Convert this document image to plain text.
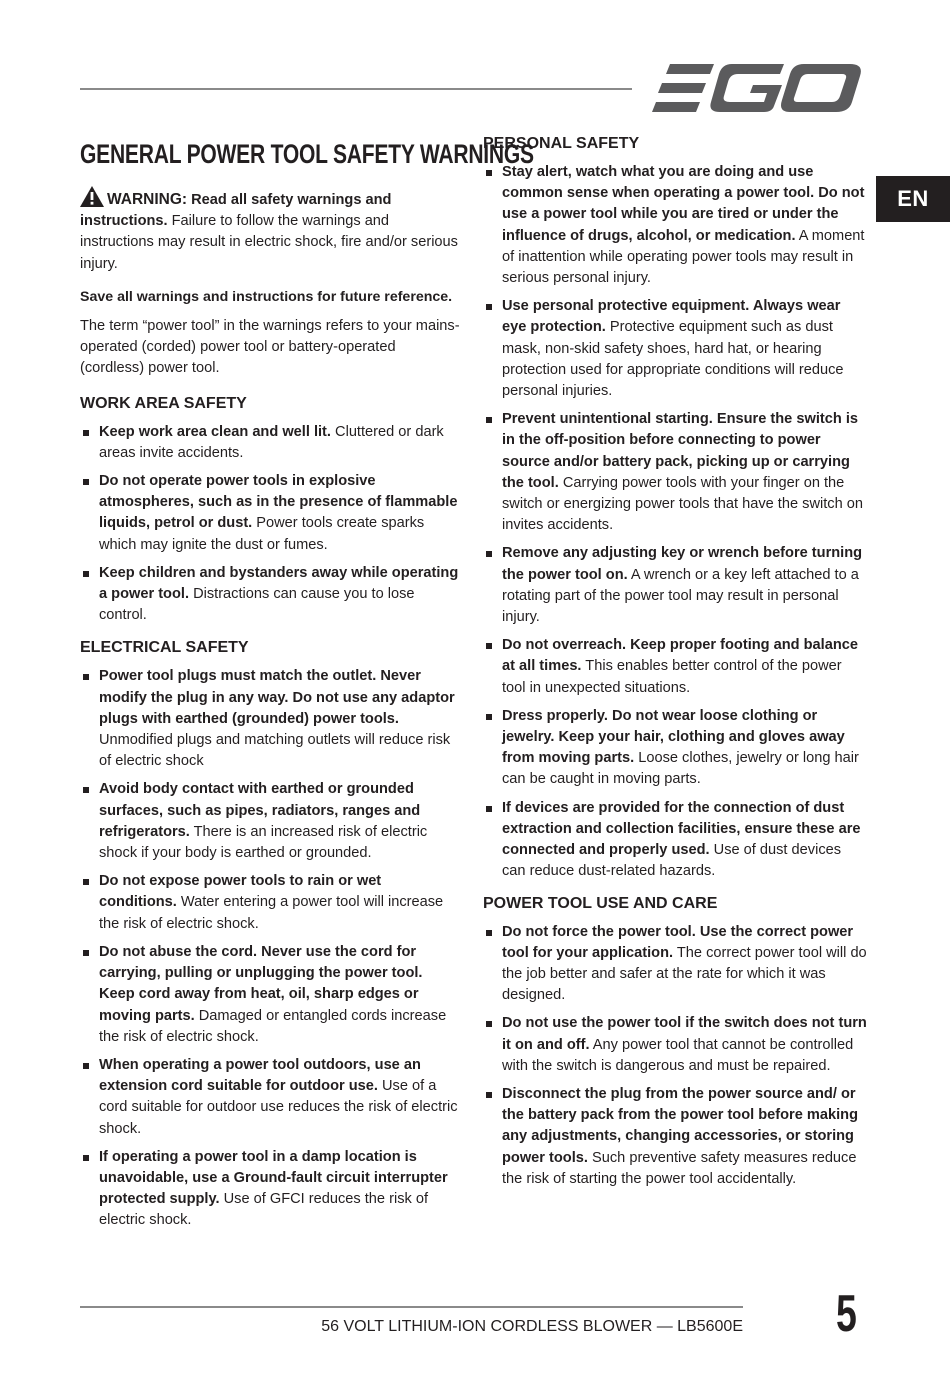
EN
GENERAL POWER TOOL SAFETY WARNINGS

WARNING: Read all safety warnings and instructions. Failure to follow the warnings and instructions may result in electric shock, fire and/or serious injury.

Save all warnings and instructions for future reference.

The term “power tool” in the warnings refers to your mains-operated (corded) power tool or battery-operated (cordless) power tool.

WORK AREA SAFETY
Keep work area clean and well lit. Cluttered or dark areas invite accidents.
Do not operate power tools in explosive atmospheres, such as in the presence of flammable liquids, petrol or dust. Power tools create sparks which may ignite the dust or fumes.
Keep children and bystanders away while operating a power tool. Distractions can cause you to lose control.
ELECTRICAL SAFETY
Power tool plugs must match the outlet. Never modify the plug in any way. Do not use any adaptor plugs with earthed (grounded) power tools. Unmodified plugs and matching outlets will reduce risk of electric shock
Avoid body contact with earthed or grounded surfaces, such as pipes, radiators, ranges and refrigerators. There is an increased risk of electric shock if your body is earthed or grounded.
Do not expose power tools to rain or wet conditions. Water entering a power tool will increase the risk of electric shock.
Do not abuse the cord. Never use the cord for carrying, pulling or unplugging the power tool. Keep cord away from heat, oil, sharp edges or moving parts. Damaged or entangled cords increase the risk of electric shock.
When operating a power tool outdoors, use an extension cord suitable for outdoor use. Use of a cord suitable for outdoor use reduces the risk of electric shock.
If operating a power tool in a damp location is unavoidable, use a Ground-fault circuit interrupter protected supply. Use of GFCI reduces the risk of electric shock.
PERSONAL SAFETY
Stay alert, watch what you are doing and use common sense when operating a power tool. Do not use a power tool while you are tired or under the influence of drugs, alcohol, or medication. A moment of inattention while operating power tools may result in serious personal injury.
Use personal protective equipment. Always wear eye protection. Protective equipment such as dust mask, non-skid safety shoes, hard hat, or hearing protection used for appropriate conditions will reduce personal injuries.
Prevent unintentional starting. Ensure the switch is in the off-position before connecting to power source and/or battery pack, picking up or carrying the tool. Carrying power tools with your finger on the switch or energizing power tools that have the switch on invites accidents.
Remove any adjusting key or wrench before turning the power tool on. A wrench or a key left attached to a rotating part of the power tool may result in personal injury.
Do not overreach. Keep proper footing and balance at all times. This enables better control of the power tool in unexpected situations.
Dress properly. Do not wear loose clothing or jewelry. Keep your hair, clothing and gloves away from moving parts. Loose clothes, jewelry or long hair can be caught in moving parts.
If devices are provided for the connection of dust extraction and collection facilities, ensure these are connected and properly used. Use of dust devices can reduce dust-related hazards.
POWER TOOL USE AND CARE
Do not force the power tool. Use the correct power tool for your application. The correct power tool will do the job better and safer at the rate for which it was designed.
Do not use the power tool if the switch does not turn it on and off. Any power tool that cannot be controlled with the switch is dangerous and must be repaired.
Disconnect the plug from the power source and/ or the battery pack from the power tool before making any adjustments, changing accessories, or storing power tools. Such preventive safety measures reduce the risk of starting the power tool accidentally.
56 VOLT LITHIUM-ION CORDLESS BLOWER — LB5600E 5
